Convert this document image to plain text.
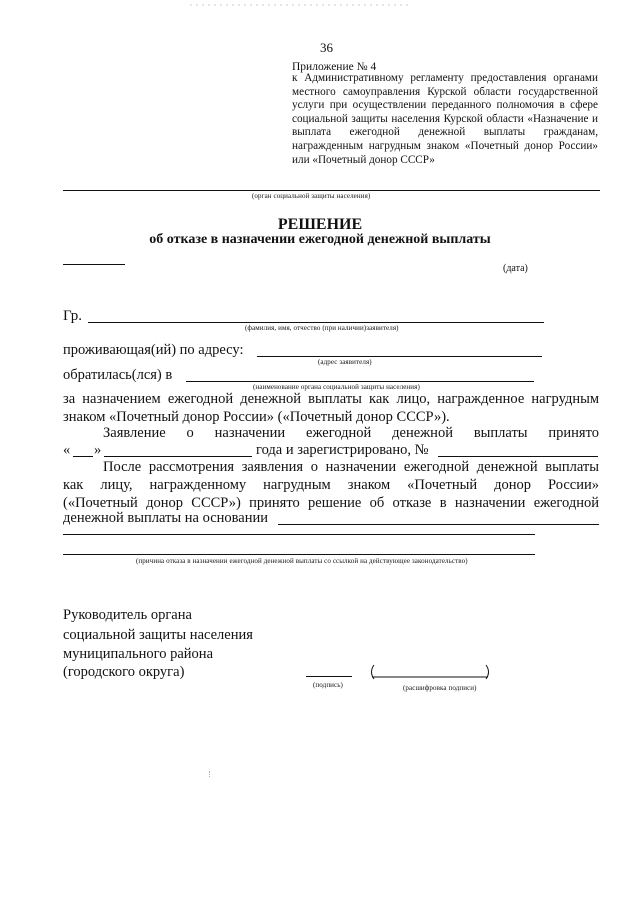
36
Приложение № 4
к Административному регламенту предоставления органами местного самоуправления Курской области государственной услуги при осуществлении переданного полномочия в сфере социальной защиты населения Курской области «Назначение и выплата ежегодной денежной выплаты гражданам, награжденным нагрудным знаком «Почетный донор России» или «Почетный донор СССР»
(орган социальной защиты населения)
РЕШЕНИЕ
об отказе в назначении ежегодной денежной выплаты
(дата)
Гр.
(фамилия, имя, отчество (при наличии)заявителя)
проживающая(ий) по адресу:
(адрес заявителя)
обратилась(лся) в
(наименование органа социальной защиты населения)
за назначением ежегодной денежной выплаты как лицо, награжденное нагрудным
знаком «Почетный донор России» («Почетный донор СССР»).
Заявление о назначении ежегодной денежной выплаты принято
« »	года и зарегистрировано, №
После рассмотрения заявления о назначении ежегодной денежной выплаты
как лицу, награжденному нагрудным знаком «Почетный донор России»
(«Почетный донор СССР») принято решение об отказе в назначении ежегодной
денежной выплаты на основании
(причина отказа в назначении ежегодной денежной выплаты со ссылкой на действующее законодательство)
Руководитель органа
социальной защиты населения
муниципального района
(городского округа)
(подпись)	(расшифровка подписи)
